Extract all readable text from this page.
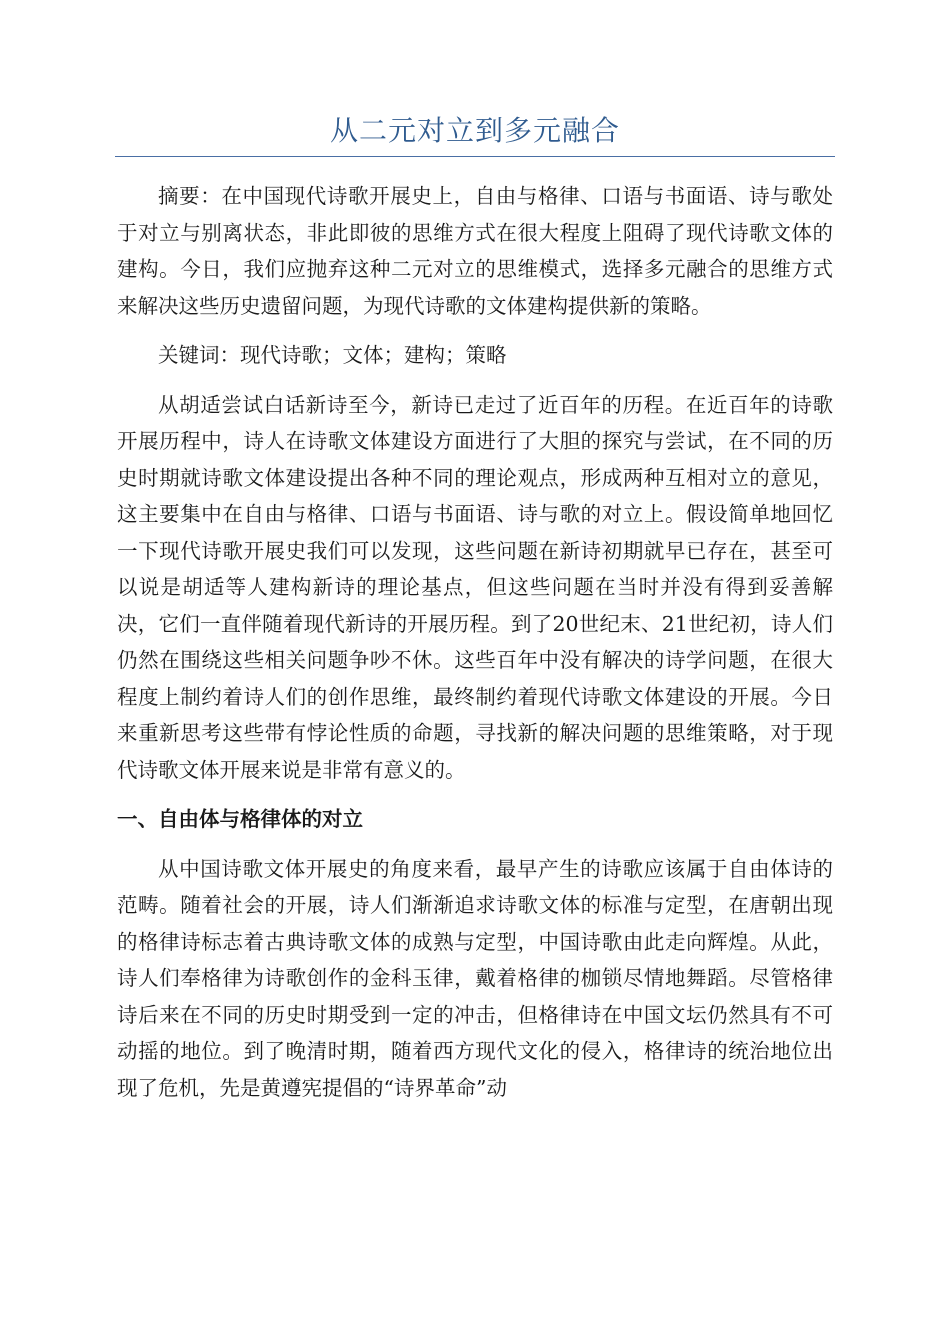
从二元对立到多元融合

摘要：在中国现代诗歌开展史上，自由与格律、口语与书面语、诗与歌处于对立与别离状态，非此即彼的思维方式在很大程度上阻碍了现代诗歌文体的建构。今日，我们应抛弃这种二元对立的思维模式，选择多元融合的思维方式来解决这些历史遗留问题，为现代诗歌的文体建构提供新的策略。

关键词：现代诗歌；文体；建构；策略

从胡适尝试白话新诗至今，新诗已走过了近百年的历程。在近百年的诗歌开展历程中，诗人在诗歌文体建设方面进行了大胆的探究与尝试，在不同的历史时期就诗歌文体建设提出各种不同的理论观点，形成两种互相对立的意见，这主要集中在自由与格律、口语与书面语、诗与歌的对立上。假设简单地回忆一下现代诗歌开展史我们可以发现，这些问题在新诗初期就早已存在，甚至可以说是胡适等人建构新诗的理论基点，但这些问题在当时并没有得到妥善解决，它们一直伴随着现代新诗的开展历程。到了20世纪末、21世纪初，诗人们仍然在围绕这些相关问题争吵不休。这些百年中没有解决的诗学问题，在很大程度上制约着诗人们的创作思维，最终制约着现代诗歌文体建设的开展。今日来重新思考这些带有悖论性质的命题，寻找新的解决问题的思维策略，对于现代诗歌文体开展来说是非常有意义的。

一、自由体与格律体的对立

从中国诗歌文体开展史的角度来看，最早产生的诗歌应该属于自由体诗的范畴。随着社会的开展，诗人们渐渐追求诗歌文体的标准与定型，在唐朝出现的格律诗标志着古典诗歌文体的成熟与定型，中国诗歌由此走向辉煌。从此，诗人们奉格律为诗歌创作的金科玉律，戴着格律的枷锁尽情地舞蹈。尽管格律诗后来在不同的历史时期受到一定的冲击，但格律诗在中国文坛仍然具有不可动摇的地位。到了晚清时期，随着西方现代文化的侵入，格律诗的统治地位出现了危机，先是黄遵宪提倡的“诗界革命”动
